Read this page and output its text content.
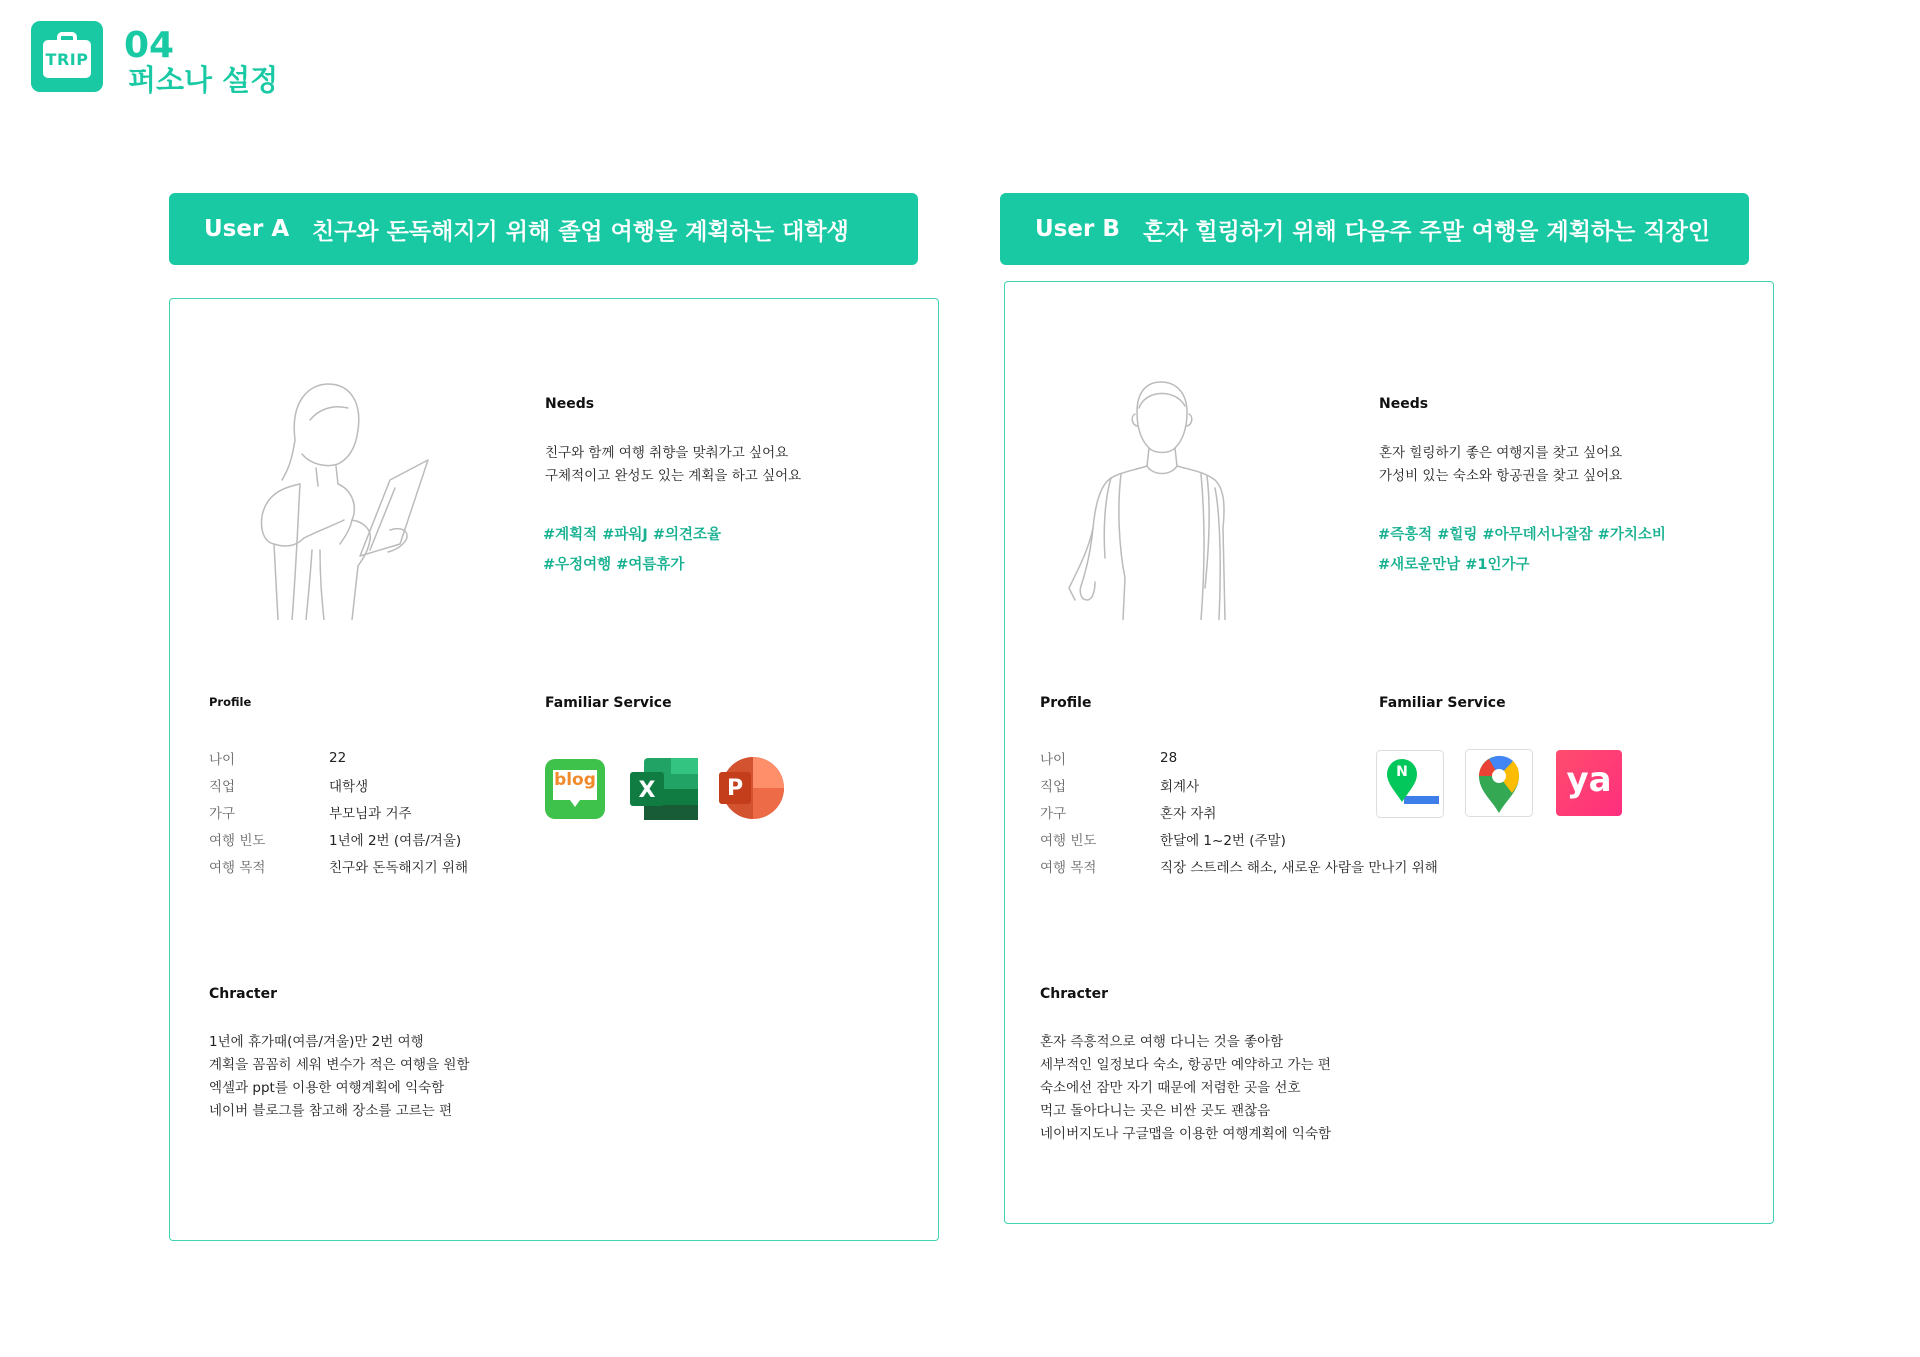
TRIP 04
퍼소나 설정
User A 친구와 돈독해지기 위해 졸업 여행을 계획하는 대학생
Needs
친구와 함께 여행 취향을 맞춰가고 싶어요
구체적이고 완성도 있는 계획을 하고 싶어요
#계획적 #파워J #의견조율
#우정여행 #여름휴가
Profile
나이	22
직업	대학생
가구	부모님과 거주
여행 빈도	1년에 2번 (여름/겨울)
여행 목적	친구와 돈독해지기 위해
Familiar Service
blog	X	P
Chracter
1년에 휴가때(여름/겨울)만 2번 여행
계획을 꼼꼼히 세워 변수가 적은 여행을 원함
엑셀과 ppt를 이용한 여행계획에 익숙함
네이버 블로그를 참고해 장소를 고르는 편
User B	혼자 힐링하기 위해 다음주 주말 여행을 계획하는 직장인
Needs
혼자 힐링하기 좋은 여행지를 찾고 싶어요
가성비 있는 숙소와 항공권을 찾고 싶어요
#즉흥적 #힐링 #아무데서나잘잠 #가치소비
#새로운만남 #1인가구
Profile
나이	28
직업	회계사
가구	혼자 자취
여행 빈도	한달에 1~2번 (주말)
여행 목적	직장 스트레스 해소, 새로운 사람을 만나기 위해
Familiar Service
N	ya
Chracter
혼자 즉흥적으로 여행 다니는 것을 좋아함
세부적인 일정보다 숙소, 항공만 예약하고 가는 편
숙소에선 잠만 자기 때문에 저렴한 곳을 선호
먹고 돌아다니는 곳은 비싼 곳도 괜찮음
네이버지도나 구글맵을 이용한 여행계획에 익숙함
